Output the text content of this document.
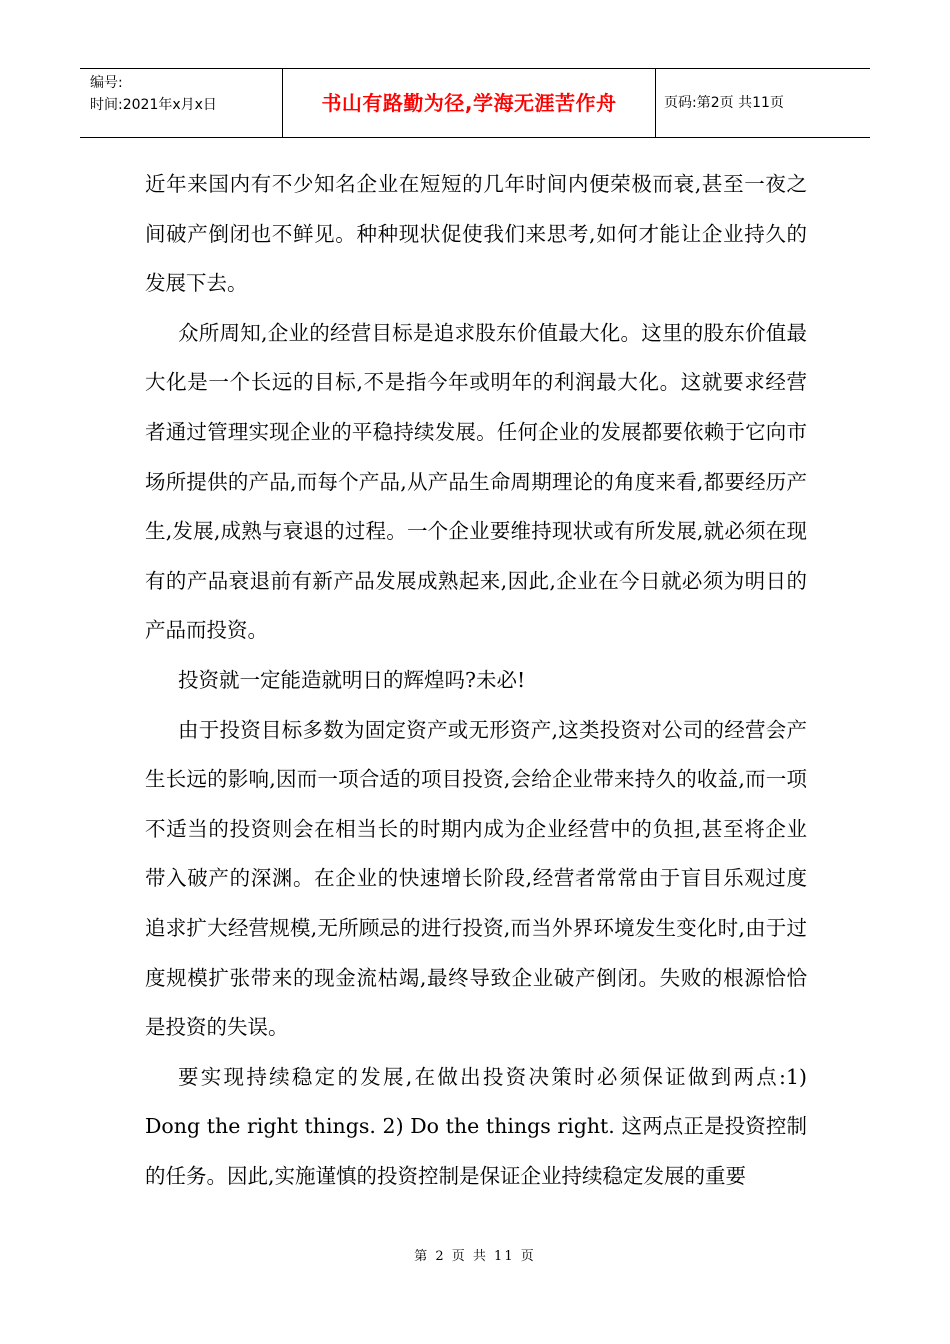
编号:
时间:2021年x月x日	书山有路勤为径,学海无涯苦作舟	页码:第2页 共11页

近年来国内有不少知名企业在短短的几年时间内便荣极而衰,甚至一夜之间破产倒闭也不鲜见。种种现状促使我们来思考,如何才能让企业持久的发展下去。

众所周知,企业的经营目标是追求股东价值最大化。这里的股东价值最大化是一个长远的目标,不是指今年或明年的利润最大化。这就要求经营者通过管理实现企业的平稳持续发展。任何企业的发展都要依赖于它向市场所提供的产品,而每个产品,从产品生命周期理论的角度来看,都要经历产生,发展,成熟与衰退的过程。一个企业要维持现状或有所发展,就必须在现有的产品衰退前有新产品发展成熟起来,因此,企业在今日就必须为明日的产品而投资。

投资就一定能造就明日的辉煌吗?未必!

由于投资目标多数为固定资产或无形资产,这类投资对公司的经营会产生长远的影响,因而一项合适的项目投资,会给企业带来持久的收益,而一项不适当的投资则会在相当长的时期内成为企业经营中的负担,甚至将企业带入破产的深渊。在企业的快速增长阶段,经营者常常由于盲目乐观过度追求扩大经营规模,无所顾忌的进行投资,而当外界环境发生变化时,由于过度规模扩张带来的现金流枯竭,最终导致企业破产倒闭。失败的根源恰恰是投资的失误。

要实现持续稳定的发展,在做出投资决策时必须保证做到两点:1) Dong the right things. 2) Do the things right. 这两点正是投资控制的任务。因此,实施谨慎的投资控制是保证企业持续稳定发展的重要

第 2 页 共 11 页
